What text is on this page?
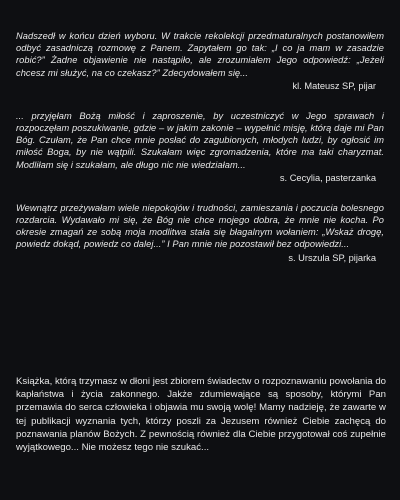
Nadszedł w końcu dzień wyboru. W trakcie rekolekcji przedmaturalnych postanowiłem odbyć zasadniczą rozmowę z Panem. Zapytałem go tak: „I co ja mam w zasadzie robić?” Żadne objawienie nie nastąpiło, ale zrozumiałem Jego odpowiedź: „Jeżeli chcesz mi służyć, na co czekasz?” Zdecydowałem się...

kl. Mateusz SP, pijar

... przyjęłam Bożą miłość i zaproszenie, by uczestniczyć w Jego sprawach i rozpoczęłam poszukiwanie, gdzie – w jakim zakonie – wypełnić misję, którą daje mi Pan Bóg. Czułam, że Pan chce mnie posłać do zagubionych, młodych ludzi, by ogłosić im miłość Boga, by nie wątpili. Szukałam więc zgromadzenia, które ma taki charyzmat. Modliłam się i szukałam, ale długo nic nie wiedziałam...

s. Cecylia, pasterzanka

Wewnątrz przeżywałam wiele niepokojów i trudności, zamieszania i poczucia bolesnego rozdarcia. Wydawało mi się, że Bóg nie chce mojego dobra, że mnie nie kocha. Po okresie zmagań ze sobą moja modlitwa stała się błagalnym wołaniem: „Wskaż drogę, powiedz dokąd, powiedz co dalej...” I Pan mnie nie pozostawił bez odpowiedzi...

s. Urszula SP, pijarka

Książka, którą trzymasz w dłoni jest zbiorem świadectw o rozpoznawaniu powołania do kapłaństwa i życia zakonnego. Jakże zdumiewające są sposoby, którymi Pan przemawia do serca człowieka i objawia mu swoją wolę! Mamy nadzieję, że zawarte w tej publikacji wyznania tych, którzy poszli za Jezusem również Ciebie zachęcą do poznawania planów Bożych. Z pewnością również dla Ciebie przygotował coś zupełnie wyjątkowego... Nie możesz tego nie szukać...
